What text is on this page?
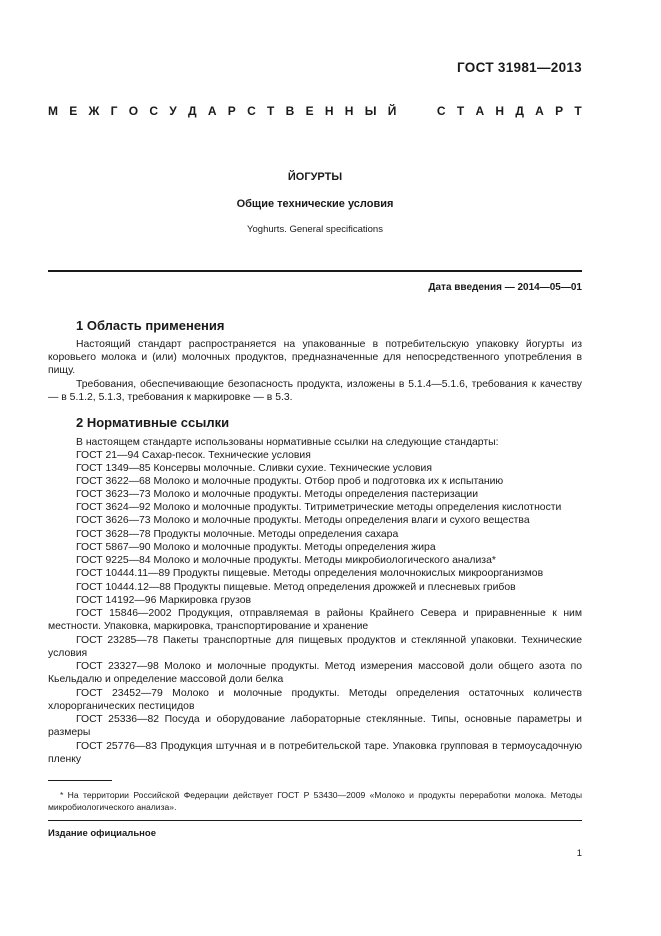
ГОСТ 31981—2013
М Е Ж Г О С У Д А Р С Т В Е Н Н Ы Й	С Т А Н Д А Р Т
ЙОГУРТЫ
Общие технические условия
Yoghurts. General specifications
Дата введения — 2014—05—01
1 Область применения
Настоящий стандарт распространяется на упакованные в потребительскую упаковку йогурты из коровьего молока и (или) молочных продуктов, предназначенные для непосредственного употребления в пищу.
Требования, обеспечивающие безопасность продукта, изложены в 5.1.4—5.1.6, требования к качеству — в 5.1.2, 5.1.3, требования к маркировке — в 5.3.
2 Нормативные ссылки
В настоящем стандарте использованы нормативные ссылки на следующие стандарты:
ГОСТ 21—94 Сахар-песок. Технические условия
ГОСТ 1349—85 Консервы молочные. Сливки сухие. Технические условия
ГОСТ 3622—68 Молоко и молочные продукты. Отбор проб и подготовка их к испытанию
ГОСТ 3623—73 Молоко и молочные продукты. Методы определения пастеризации
ГОСТ 3624—92 Молоко и молочные продукты. Титриметрические методы определения кислотности
ГОСТ 3626—73 Молоко и молочные продукты. Методы определения влаги и сухого вещества
ГОСТ 3628—78 Продукты молочные. Методы определения сахара
ГОСТ 5867—90 Молоко и молочные продукты. Методы определения жира
ГОСТ 9225—84 Молоко и молочные продукты. Методы микробиологического анализа*
ГОСТ 10444.11—89 Продукты пищевые. Методы определения молочнокислых микроорганизмов
ГОСТ 10444.12—88 Продукты пищевые. Метод определения дрожжей и плесневых грибов
ГОСТ 14192—96 Маркировка грузов
ГОСТ 15846—2002 Продукция, отправляемая в районы Крайнего Севера и приравненные к ним местности. Упаковка, маркировка, транспортирование и хранение
ГОСТ 23285—78 Пакеты транспортные для пищевых продуктов и стеклянной упаковки. Технические условия
ГОСТ 23327—98 Молоко и молочные продукты. Метод измерения массовой доли общего азота по Кьельдалю и определение массовой доли белка
ГОСТ 23452—79 Молоко и молочные продукты. Методы определения остаточных количеств хлорорганических пестицидов
ГОСТ 25336—82 Посуда и оборудование лабораторные стеклянные. Типы, основные параметры и размеры
ГОСТ 25776—83 Продукция штучная и в потребительской таре. Упаковка групповая в термоусадочную пленку
* На территории Российской Федерации действует ГОСТ Р 53430—2009 «Молоко и продукты переработки молока. Методы микробиологического анализа».
Издание официальное
1
